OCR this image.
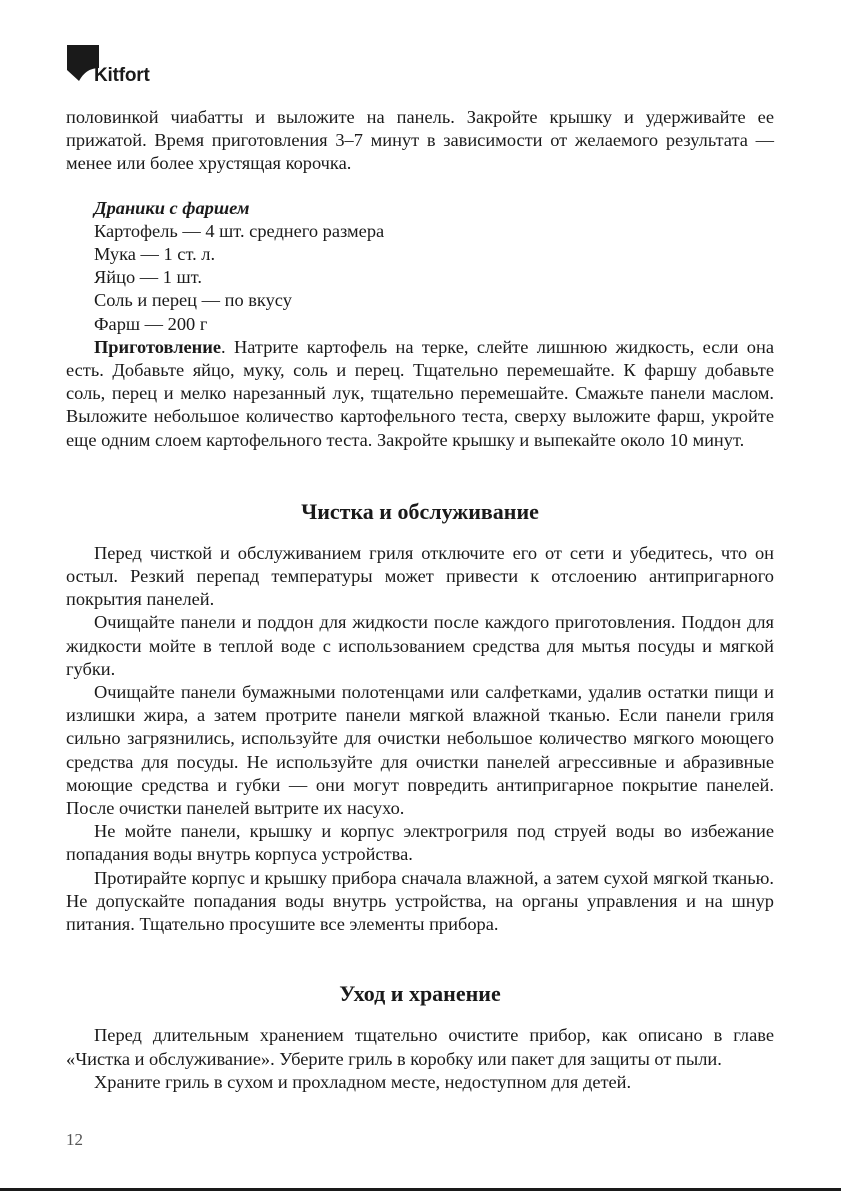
Kitfort

половинкой чиабатты и выложите на панель. Закройте крышку и удерживайте ее прижатой. Время приготовления 3–7 минут в зависимости от желаемого результата — менее или более хрустящая корочка.

Драники с фаршем

Картофель — 4 шт. среднего размера

Мука — 1 ст. л.

Яйцо — 1 шт.

Соль и перец — по вкусу

Фарш — 200 г

Приготовление. Натрите картофель на терке, слейте лишнюю жидкость, если она есть. Добавьте яйцо, муку, соль и перец. Тщательно перемешайте. К фаршу добавьте соль, перец и мелко нарезанный лук, тщательно перемешайте. Смажьте панели маслом. Выложите небольшое количество картофельного теста, сверху выложите фарш, укройте еще одним слоем картофельного теста. Закройте крышку и выпекайте около 10 минут.

Чистка и обслуживание

Перед чисткой и обслуживанием гриля отключите его от сети и убедитесь, что он остыл. Резкий перепад температуры может привести к отслоению антипригарного покрытия панелей.

Очищайте панели и поддон для жидкости после каждого приготовления. Поддон для жидкости мойте в теплой воде с использованием средства для мытья посуды и мягкой губки.

Очищайте панели бумажными полотенцами или салфетками, удалив остатки пищи и излишки жира, а затем протрите панели мягкой влажной тканью. Если панели гриля сильно загрязнились, используйте для очистки небольшое количество мягкого моющего средства для посуды. Не используйте для очистки панелей агрессивные и абразивные моющие средства и губки — они могут повредить антипригарное покрытие панелей. После очистки панелей вытрите их насухо.

Не мойте панели, крышку и корпус электрогриля под струей воды во избежание попадания воды внутрь корпуса устройства.

Протирайте корпус и крышку прибора сначала влажной, а затем сухой мягкой тканью. Не допускайте попадания воды внутрь устройства, на органы управления и на шнур питания. Тщательно просушите все элементы прибора.

Уход и хранение

Перед длительным хранением тщательно очистите прибор, как описано в главе «Чистка и обслуживание». Уберите гриль в коробку или пакет для защиты от пыли.

Храните гриль в сухом и прохладном месте, недоступном для детей.

12
